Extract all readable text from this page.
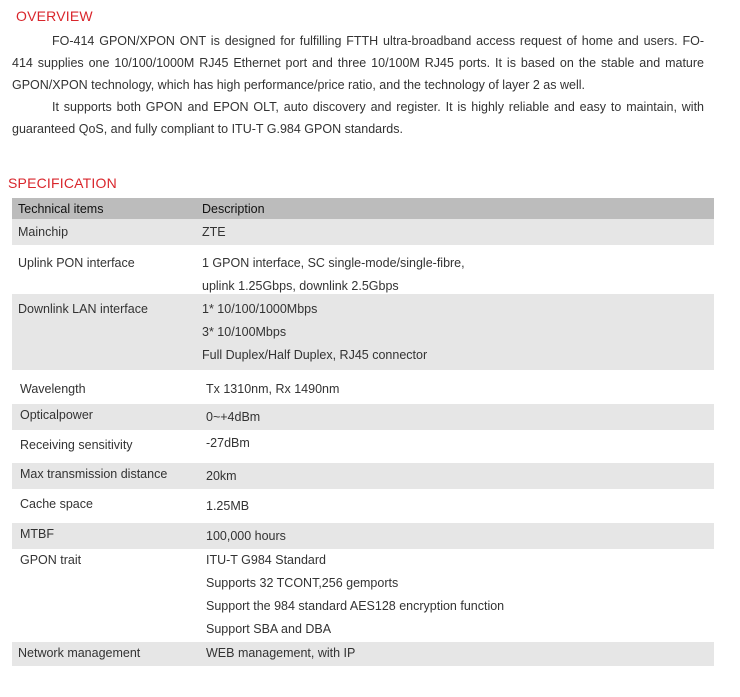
OVERVIEW

FO-414 GPON/XPON ONT is designed for fulfilling FTTH ultra-broadband access request of home and users. FO-414 supplies one 10/100/1000M RJ45 Ethernet port and three 10/100M RJ45 ports. It is based on the stable and mature GPON/XPON technology, which has high performance/price ratio, and the technology of layer 2 as well.

It supports both GPON and EPON OLT, auto discovery and register. It is highly reliable and easy to maintain, with guaranteed QoS, and fully compliant to ITU-T G.984 GPON standards.

SPECIFICATION
Technical items	Description
Mainchip	ZTE
Uplink PON interface	1 GPON interface, SC single-mode/single-fibre,
uplink 1.25Gbps, downlink 2.5Gbps
Downlink LAN interface	1* 10/100/1000Mbps
3* 10/100Mbps
Full Duplex/Half Duplex, RJ45 connector
Wavelength	Tx 1310nm, Rx 1490nm
Opticalpower	0~+4dBm
Receiving sensitivity	-27dBm
Max transmission distance	20km
Cache space	1.25MB
MTBF	100,000 hours
GPON trait	ITU-T G984 Standard
Supports 32 TCONT,256 gemports
Support the 984 standard AES128 encryption function
Support SBA and DBA
Network management	WEB management, with IP
